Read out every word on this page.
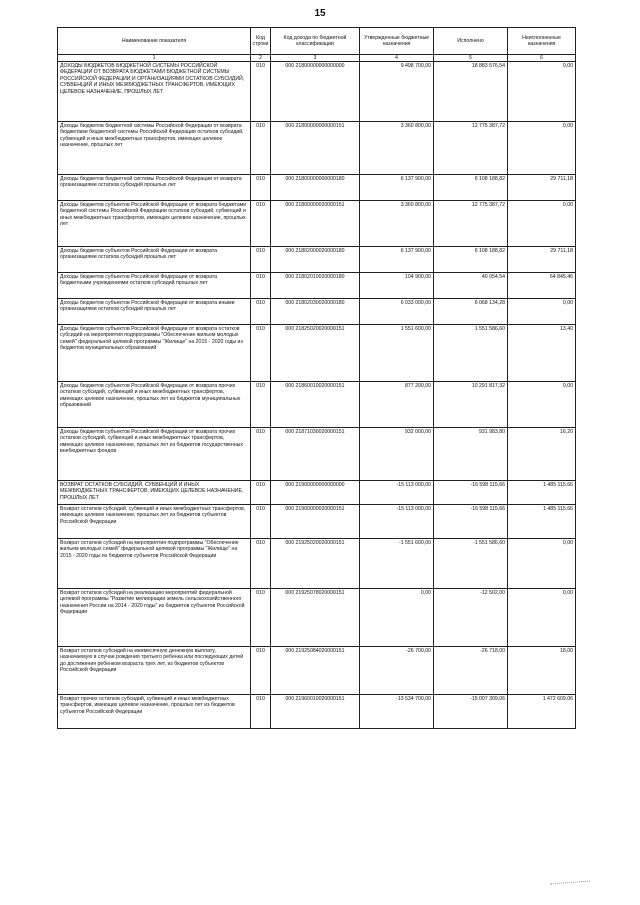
15
Наименование показателя	Код строки	Код дохода по бюджетной классификации	Утвержденные бюджетные назначения	Исполнено	Неисполненные назначения
1	2	3	4	5	6
ДОХОДЫ БЮДЖЕТОВ БЮДЖЕТНОЙ СИСТЕМЫ РОССИЙСКОЙ ФЕДЕРАЦИИ ОТ ВОЗВРАТА БЮДЖЕТАМИ БЮДЖЕТНОЙ СИСТЕМЫ РОССИЙСКОЙ ФЕДЕРАЦИИ И ОРГАНИЗАЦИЯМИ ОСТАТКОВ СУБСИДИЙ, СУБВЕНЦИЙ И ИНЫХ МЕЖБЮДЖЕТНЫХ ТРАНСФЕРТОВ, ИМЕЮЩИХ ЦЕЛЕВОЕ НАЗНАЧЕНИЕ, ПРОШЛЫХ ЛЕТ	010	000 21800000000000000	9 498 700,00	18 883 576,54	0,00
Доходы бюджетов бюджетной системы Российской Федерации от возврата бюджетами бюджетной системы Российской Федерации остатков субсидий, субвенций и иных межбюджетных трансфертов, имеющих целевое назначение, прошлых лет	010	000 21800000000000151	3 360 800,00	12 775 387,72	0,00
Доходы бюджетов бюджетной системы Российской Федерации от возврата организациями остатков субсидий прошлых лет	010	000 21800000000000180	6 137 900,00	6 108 188,82	29 711,18
Доходы бюджетов субъектов Российской Федерации от возврата бюджетами бюджетной системы Российской Федерации остатков субсидий, субвенций и иных межбюджетных трансфертов, имеющих целевое назначение, прошлых лет	010	000 21800000020000151	3 360 800,00	12 775 387,72	0,00
Доходы бюджетов субъектов Российской Федерации от возврата организациями остатков субсидий прошлых лет	010	000 21802000020000180	6 137 900,00	6 108 188,82	29 711,18
Доходы бюджетов субъектов Российской Федерации от возврата бюджетными учреждениями остатков субсидий прошлых лет	010	000 21802010020000180	104 900,00	40 054,54	64 845,46
Доходы бюджетов субъектов Российской Федерации от возврата иными организациями остатков субсидий прошлых лет	010	000 21802030020000180	6 033 000,00	6 068 134,28	0,00
Доходы бюджетов субъектов Российской Федерации от возврата остатков субсидий на мероприятия подпрограммы "Обеспечение жильем молодых семей" федеральной целевой программы "Жилище" на 2015 - 2020 годы из бюджетов муниципальных образований	010	000 21825020020000151	1 551 600,00	1 551 586,60	13,40
Доходы бюджетов субъектов Российской Федерации от возврата прочих остатков субсидий, субвенций и иных межбюджетных трансфертов, имеющих целевое назначение, прошлых лет из бюджетов муниципальных образований	010	000 21860010020000151	877 200,00	10 291 817,32	0,00
Доходы бюджетов субъектов Российской Федерации от возврата прочих остатков субсидий, субвенций и иных межбюджетных трансфертов, имеющих целевое назначение, прошлых лет из бюджетов государственных внебюджетных фондов	010	000 21871030020000151	932 000,00	931 983,80	16,20
ВОЗВРАТ ОСТАТКОВ СУБСИДИЙ, СУБВЕНЦИЙ И ИНЫХ МЕЖБЮДЖЕТНЫХ ТРАНСФЕРТОВ, ИМЕЮЩИХ ЦЕЛЕВОЕ НАЗНАЧЕНИЕ, ПРОШЛЫХ ЛЕТ	010	000 21900000000000000	-15 113 000,00	-16 598 115,66	1 485 115,66
Возврат остатков субсидий, субвенций и иных межбюджетных трансфертов, имеющих целевое назначение, прошлых лет из бюджетов субъектов Российской Федерации	010	000 21900000020000151	-15 113 000,00	-16 598 115,66	1 485 115,66
Возврат остатков субсидий на мероприятия подпрограммы "Обеспечение жильем молодых семей" федеральной целевой программы "Жилище" на 2015 - 2020 годы из бюджетов субъектов Российской Федерации	010	000 21925020020000151	-1 551 600,00	-1 551 586,60	0,00
Возврат остатков субсидий на реализацию мероприятий федеральной целевой программы "Развитие мелиорации земель сельскохозяйственного назначения России на 2014 - 2020 годы" из бюджетов субъектов Российской Федерации	010	000 21925078020000151	0,00	-12 502,00	0,00
Возврат остатков субсидий на ежемесячную денежную выплату, назначаемую в случае рождения третьего ребенка или последующих детей до достижения ребенком возраста трех лет, из бюджетов субъектов Российской Федерации	010	000 21925084020000151	-26 700,00	-26 718,00	18,00
Возврат прочих остатков субсидий, субвенций и иных межбюджетных трансфертов, имеющих целевое назначение, прошлых лет из бюджетов субъектов Российской Федерации	010	000 21960010020000151	-13 534 700,00	-15 007 309,06	1 472 609,06
